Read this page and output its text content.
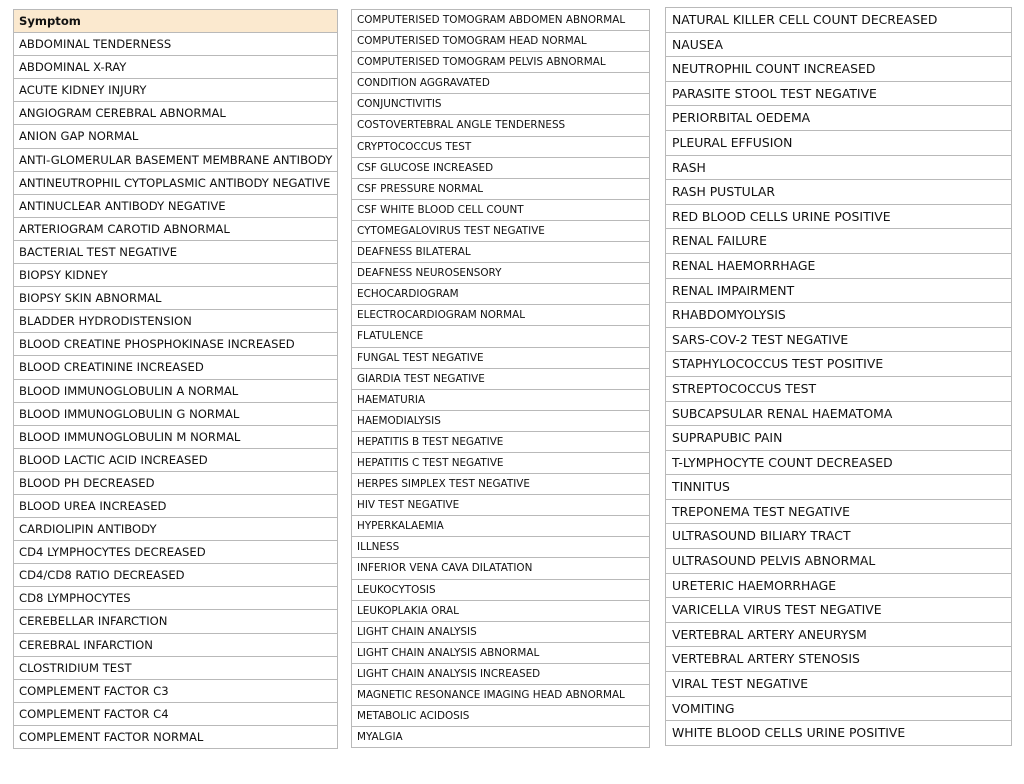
Symptom
ABDOMINAL TENDERNESS
ABDOMINAL X-RAY
ACUTE KIDNEY INJURY
ANGIOGRAM CEREBRAL ABNORMAL
ANION GAP NORMAL
ANTI-GLOMERULAR BASEMENT MEMBRANE ANTIBODY
ANTINEUTROPHIL CYTOPLASMIC ANTIBODY NEGATIVE
ANTINUCLEAR ANTIBODY NEGATIVE
ARTERIOGRAM CAROTID ABNORMAL
BACTERIAL TEST NEGATIVE
BIOPSY KIDNEY
BIOPSY SKIN ABNORMAL
BLADDER HYDRODISTENSION
BLOOD CREATINE PHOSPHOKINASE INCREASED
BLOOD CREATININE INCREASED
BLOOD IMMUNOGLOBULIN A NORMAL
BLOOD IMMUNOGLOBULIN G NORMAL
BLOOD IMMUNOGLOBULIN M NORMAL
BLOOD LACTIC ACID INCREASED
BLOOD PH DECREASED
BLOOD UREA INCREASED
CARDIOLIPIN ANTIBODY
CD4 LYMPHOCYTES DECREASED
CD4/CD8 RATIO DECREASED
CD8 LYMPHOCYTES
CEREBELLAR INFARCTION
CEREBRAL INFARCTION
CLOSTRIDIUM TEST
COMPLEMENT FACTOR C3
COMPLEMENT FACTOR C4
COMPLEMENT FACTOR NORMAL
COMPUTERISED TOMOGRAM ABDOMEN ABNORMAL
COMPUTERISED TOMOGRAM HEAD NORMAL
COMPUTERISED TOMOGRAM PELVIS ABNORMAL
CONDITION AGGRAVATED
CONJUNCTIVITIS
COSTOVERTEBRAL ANGLE TENDERNESS
CRYPTOCOCCUS TEST
CSF GLUCOSE INCREASED
CSF PRESSURE NORMAL
CSF WHITE BLOOD CELL COUNT
CYTOMEGALOVIRUS TEST NEGATIVE
DEAFNESS BILATERAL
DEAFNESS NEUROSENSORY
ECHOCARDIOGRAM
ELECTROCARDIOGRAM NORMAL
FLATULENCE
FUNGAL TEST NEGATIVE
GIARDIA TEST NEGATIVE
HAEMATURIA
HAEMODIALYSIS
HEPATITIS B TEST NEGATIVE
HEPATITIS C TEST NEGATIVE
HERPES SIMPLEX TEST NEGATIVE
HIV TEST NEGATIVE
HYPERKALAEMIA
ILLNESS
INFERIOR VENA CAVA DILATATION
LEUKOCYTOSIS
LEUKOPLAKIA ORAL
LIGHT CHAIN ANALYSIS
LIGHT CHAIN ANALYSIS ABNORMAL
LIGHT CHAIN ANALYSIS INCREASED
MAGNETIC RESONANCE IMAGING HEAD ABNORMAL
METABOLIC ACIDOSIS
MYALGIA
NATURAL KILLER CELL COUNT DECREASED
NAUSEA
NEUTROPHIL COUNT INCREASED
PARASITE STOOL TEST NEGATIVE
PERIORBITAL OEDEMA
PLEURAL EFFUSION
RASH
RASH PUSTULAR
RED BLOOD CELLS URINE POSITIVE
RENAL FAILURE
RENAL HAEMORRHAGE
RENAL IMPAIRMENT
RHABDOMYOLYSIS
SARS-COV-2 TEST NEGATIVE
STAPHYLOCOCCUS TEST POSITIVE
STREPTOCOCCUS TEST
SUBCAPSULAR RENAL HAEMATOMA
SUPRAPUBIC PAIN
T-LYMPHOCYTE COUNT DECREASED
TINNITUS
TREPONEMA TEST NEGATIVE
ULTRASOUND BILIARY TRACT
ULTRASOUND PELVIS ABNORMAL
URETERIC HAEMORRHAGE
VARICELLA VIRUS TEST NEGATIVE
VERTEBRAL ARTERY ANEURYSM
VERTEBRAL ARTERY STENOSIS
VIRAL TEST NEGATIVE
VOMITING
WHITE BLOOD CELLS URINE POSITIVE
